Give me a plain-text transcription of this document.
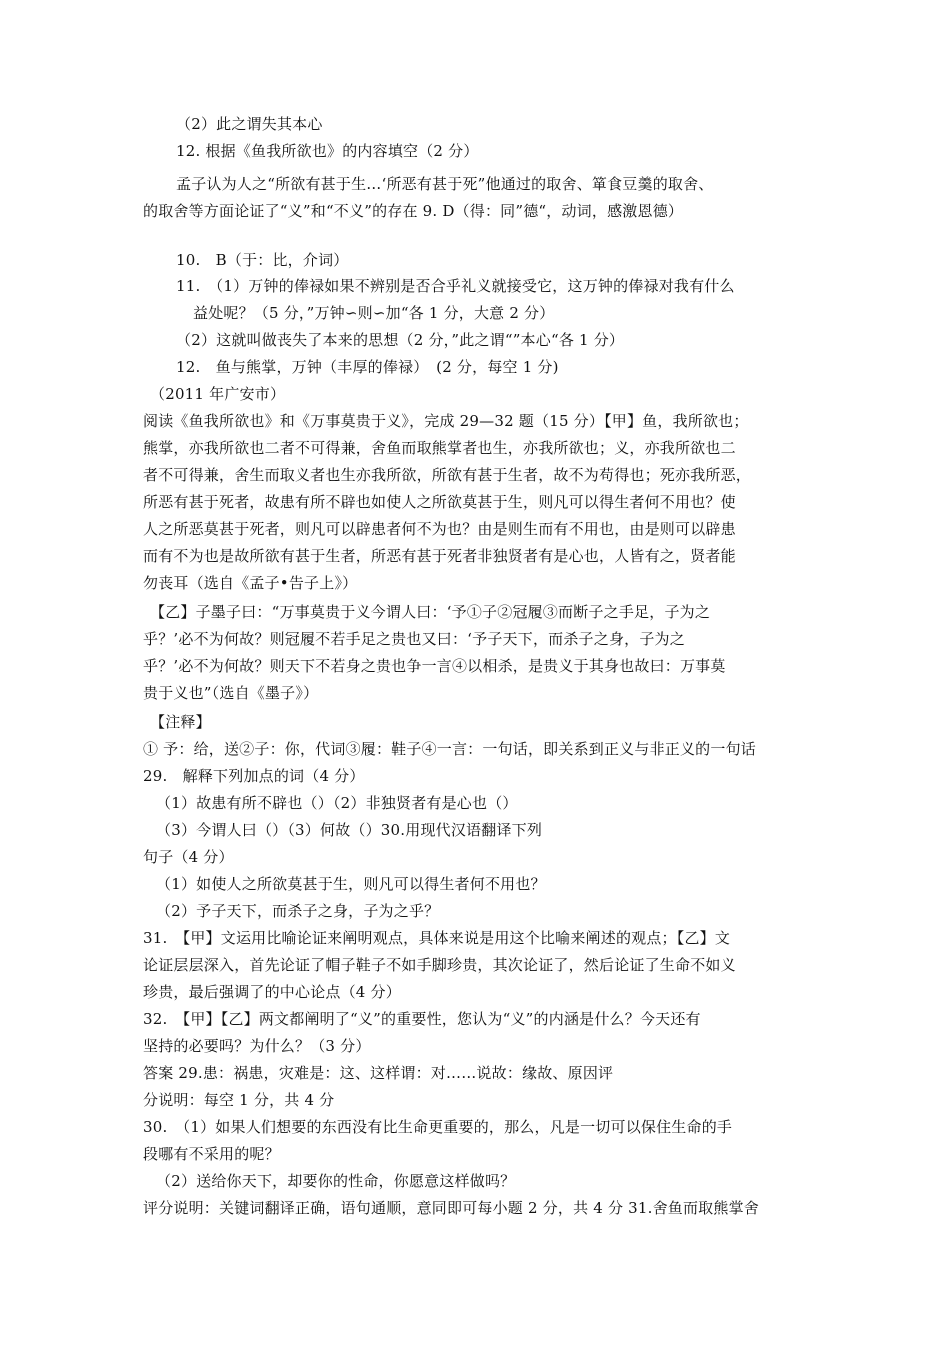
（2）此之谓失其本心
12. 根据《鱼我所欲也》的内容填空（2 分）
孟子认为人之“所欲有甚于生…‘所恶有甚于死”他通过的取舍、箪食豆羹的取舍、
的取舍等方面论证了“义”和“不义”的存在 9. D（得：同”德“，动词，感激恩德）
10.　B（于：比，介词）
11.　（1）万钟的俸禄如果不辨别是否合乎礼义就接受它，这万钟的俸禄对我有什么
益处呢？（5 分，”万钟∽则∽加“各 1 分，大意 2 分）
（2）这就叫做丧失了本来的思想（2 分，”此之谓“”本心“各 1 分）
12.　鱼与熊掌，万钟（丰厚的俸禄）　(2 分，每空 1 分)
（2011 年广安市）
阅读《鱼我所欲也》和《万事莫贵于义》，完成 29—32 题（15 分）【甲】鱼，我所欲也；
熊掌，亦我所欲也二者不可得兼，舍鱼而取熊掌者也生，亦我所欲也；义，亦我所欲也二
者不可得兼，舍生而取义者也生亦我所欲，所欲有甚于生者，故不为苟得也；死亦我所恶，
所恶有甚于死者，故患有所不辟也如使人之所欲莫甚于生，则凡可以得生者何不用也？使
人之所恶莫甚于死者，则凡可以辟患者何不为也？由是则生而有不用也，由是则可以辟患
而有不为也是故所欲有甚于生者，所恶有甚于死者非独贤者有是心也，人皆有之，贤者能
勿丧耳（选自《孟子•告子上》）
【乙】子墨子曰：“万事莫贵于义今谓人曰：‘予①子②冠履③而断子之手足，子为之
乎？’必不为何故？则冠履不若手足之贵也又曰：‘予子天下，而杀子之身，子为之
乎？’必不为何故？则天下不若身之贵也争一言④以相杀，是贵义于其身也故曰：万事莫
贵于义也”（选自《墨子》）
【注释】
① 予：给，送②子：你，代词③履：鞋子④一言：一句话，即关系到正义与非正义的一句话
29.　解释下列加点的词（4 分）
（1）故患有所不辟也（）（2）非独贤者有是心也（）
（3）今谓人曰（）（3）何故（）30.用现代汉语翻译下列
句子（4 分）
（1）如使人之所欲莫甚于生，则凡可以得生者何不用也？
（2）予子天下，而杀子之身，子为之乎？
31.　【甲】文运用比喻论证来阐明观点，具体来说是用这个比喻来阐述的观点；【乙】文
论证层层深入，首先论证了帽子鞋子不如手脚珍贵，其次论证了，然后论证了生命不如义
珍贵，最后强调了的中心论点（4 分）
32.　【甲】【乙】两文都阐明了“义”的重要性，您认为“义”的内涵是什么？今天还有
坚持的必要吗？为什么？（3 分）
答案 29.患：祸患，灾难是：这、这样谓：对……说故：缘故、原因评
分说明：每空 1 分，共 4 分
30.　（1）如果人们想要的东西没有比生命更重要的，那么，凡是一切可以保住生命的手
段哪有不采用的呢？
（2）送给你天下，却要你的性命，你愿意这样做吗？
评分说明：关键词翻译正确，语句通顺，意同即可每小题 2 分，共 4 分 31.舍鱼而取熊掌舍
